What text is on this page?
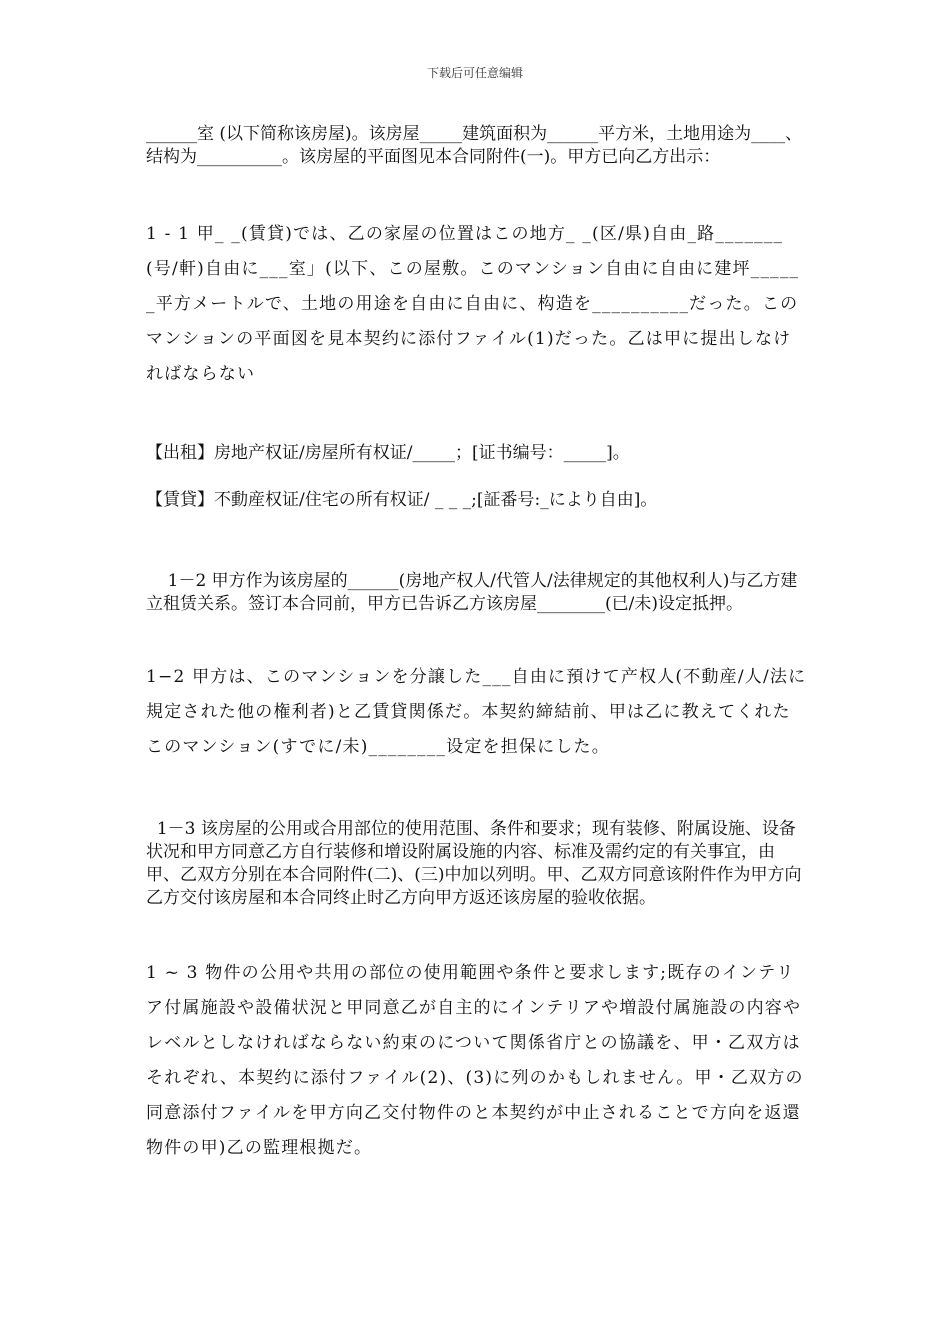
下载后可任意编辑

______室 (以下简称该房屋)。该房屋_____建筑面积为______平方米，土地用途为____、结构为__________。该房屋的平面图见本合同附件(一)。甲方已向乙方出示：

1 - 1 甲_ _(賃貸)では、乙の家屋の位置はこの地方_ _(区/県)自由_路_______(号/軒)自由に___室」(以下、この屋敷。このマンション自由に自由に建坪______平方メートルで、土地の用途を自由に自由に、构造を__________だった。このマンションの平面図を見本契约に添付ファイル(1)だった。乙は甲に提出しなければならない

【出租】房地产权证/房屋所有权证/_____；[证书编号：_____]。

【賃貸】不動産权证/住宅の所有权证/ _ _ _;[証番号:_により自由]。

1－2 甲方作为该房屋的______(房地产权人/代管人/法律规定的其他权利人)与乙方建立租赁关系。签订本合同前，甲方已告诉乙方该房屋________(已/未)设定抵押。

1−2 甲方は、このマンションを分譲した___自由に預けて产权人(不動産/人/法に規定された他の権利者)と乙賃貸関係だ。本契約締結前、甲は乙に教えてくれたこのマンション(すでに/未)________设定を担保にした。

1－3 该房屋的公用或合用部位的使用范围、条件和要求；现有装修、附属设施、设备状况和甲方同意乙方自行装修和增设附属设施的内容、标准及需约定的有关事宜，由甲、乙双方分别在本合同附件(二)、(三)中加以列明。甲、乙双方同意该附件作为甲方向乙方交付该房屋和本合同终止时乙方向甲方返还该房屋的验收依据。

1 ~ 3 物件の公用や共用の部位の使用範囲や条件と要求します;既存のインテリア付属施設や設備状況と甲同意乙が自主的にインテリアや増設付属施設の内容やレベルとしなければならない約束のについて関係省庁との協議を、甲・乙双方はそれぞれ、本契约に添付ファイル(2)、(3)に列のかもしれません。甲・乙双方の同意添付ファイルを甲方向乙交付物件のと本契约が中止されることで方向を返還物件の甲)乙の監理根拠だ。
